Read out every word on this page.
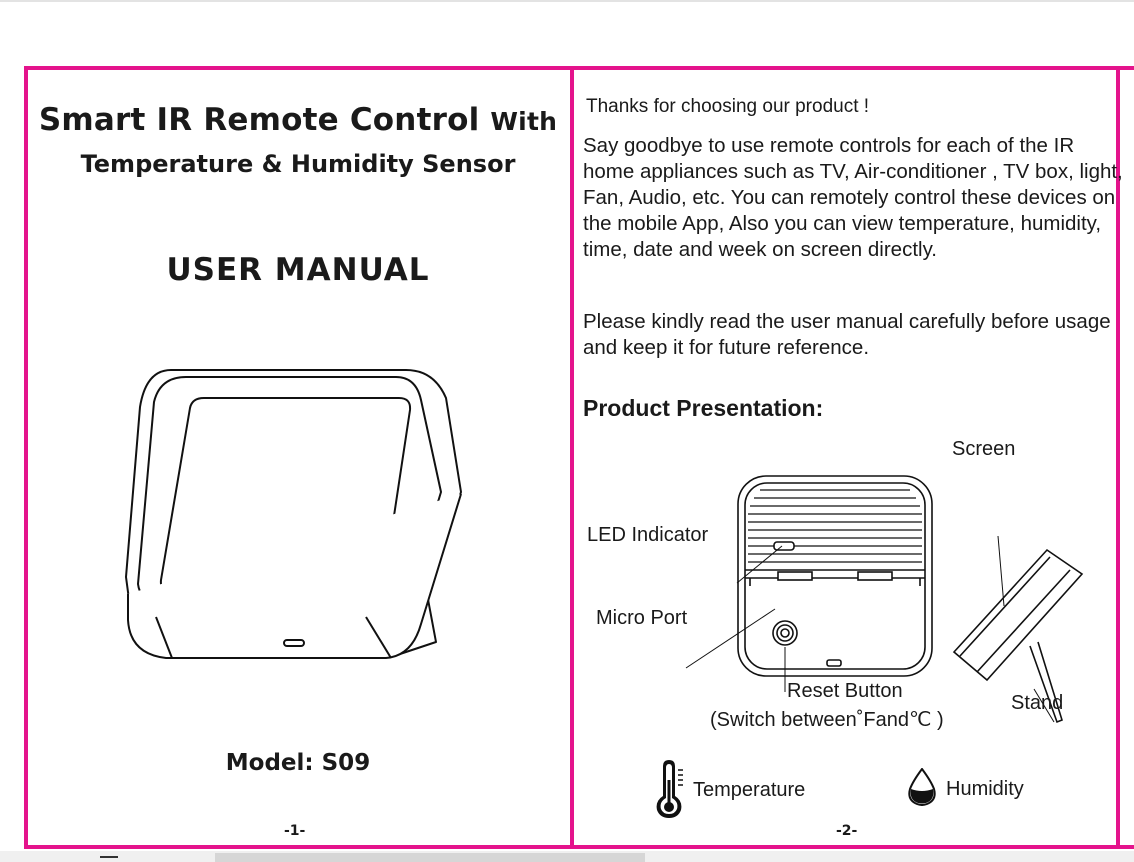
Smart IR Remote Control With
Temperature & Humidity Sensor
USER MANUAL
Model: S09
-1-
Thanks for choosing our product !

Say goodbye to use remote controls for each of the IR home appliances such as TV, Air-conditioner , TV box, light, Fan, Audio, etc. You can remotely control these devices on the mobile App, Also you can view temperature, humidity, time, date and week on screen directly.

Please kindly read the user manual carefully before usage and keep it for future reference.

Product Presentation:
Screen
LED Indicator
Micro Port
Reset Button
(Switch between˚Fand℃ )
Stand
Temperature	Humidity
-2-
